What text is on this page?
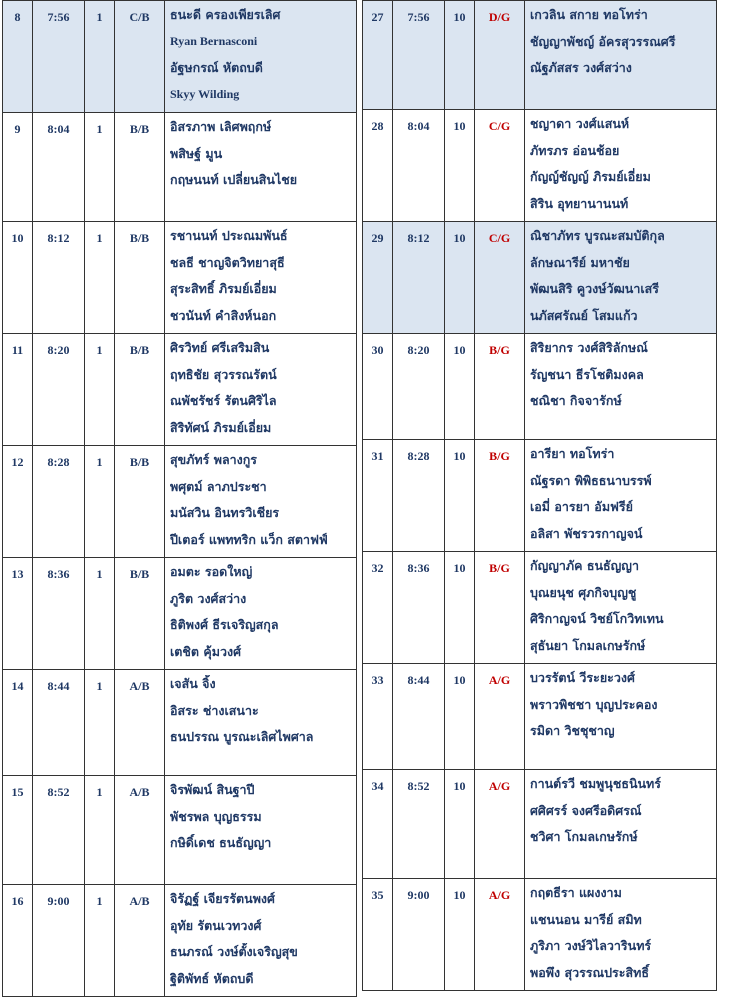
8	7:56	1	C/B	ธนะดี ครองเพียรเลิศ
Ryan Bernasconi
อัฐษกรณ์ หัตถบดี
Skyy Wilding

9	8:04	1	B/B	อิสรภาพ เลิศพฤกษ์
พสิษฐ์ มูน
กฤษนนท์ เปลี่ยนสินไชย

10	8:12	1	B/B	รชานนท์ ประณมพันธ์
ชลธี ชาญจิตวิทยาสุธี
สุระสิทธิ์ ภิรมย์เอี่ยม
ชวนันท์ คำสิงห์นอก

11	8:20	1	B/B	ศิรวิทย์ ศรีเสริมสิน
ฤทธิชัย สุวรรณรัตน์
ณพัชรัชร์ รัตนศิริไล
สิริทัศน์ ภิรมย์เอี่ยม

12	8:28	1	B/B	สุขภัทร์ พลางกูร
พศุตม์ ลาภประชา
มนัสวิน อินทรวิเชียร
ปีเตอร์ แพททริก แว็ก สตาฟฟ์

13	8:36	1	B/B	อมตะ รอดใหญ่
ภูริต วงศ์สว่าง
ธิติพงศ์ ธีรเจริญสกุล
เตชิต คุ้มวงศ์

14	8:44	1	A/B	เจสัน จิ้ง
อิสระ ช่างเสนาะ
ธนปรรณ บูรณะเลิศไพศาล

15	8:52	1	A/B	จิรพัฒน์ สินฐาปี
พัชรพล บุญธรรม
กษิดิ์เดช ธนธัญญา

16	9:00	1	A/B	จิรัฏฐ์ เจียรรัตนพงศ์
อุทัย รัตนเวทวงศ์
ธนภรณ์ วงษ์ตั้งเจริญสุข
ฐิติพัทธ์ หัตถบดี
27	7:56	10	D/G	เกวลิน สกาย ทอโทร่า
ชัญญาพัชญ์ อัครสุวรรณศรี
ณัฐภัสสร วงศ์สว่าง

28	8:04	10	C/G	ชญาดา วงศ์แสนห์
ภัทรภร อ่อนช้อย
กัญญ์ชัญญ์ ภิรมย์เอี่ยม
สิริน อุทยานานนท์

29	8:12	10	C/G	ณิชาภัทร บูรณะสมบัติกุล
ลักษณารีย์ มหาชัย
พัฒนสิริ คูวงษ์วัฒนาเสรี
นภัสศรัณย์ โสมแก้ว

30	8:20	10	B/G	สิริยากร วงศ์สิริลักษณ์
รัญชนา ธีรโชติมงคล
ชณิชา กิจจารักษ์

31	8:28	10	B/G	อารียา ทอโทร่า
ณัฐรดา พิพิธธนาบรรพ์
เอมี่ อารยา อัมฟรีย์
อลิสา พัชรวรกาญจน์

32	8:36	10	B/G	กัญญาภัค ธนธัญญา
บุณยนุช ศุภกิจบุญชู
ศิริกาญจน์ วิชย์โกวิทเทน
สุธันยา โกมลเกษรักษ์

33	8:44	10	A/G	บวรรัตน์ วีระยะวงศ์
พราวพิชชา บุญประคอง
รมิดา วิชชุชาญ

34	8:52	10	A/G	กานต์รวี ชมพูนุชธนินทร์
ศศิศรร์ จงศรีอดิศรณ์
ชวิศา โกมลเกษรักษ์

35	9:00	10	A/G	กฤตธีรา แผงงาม
แชนนอน มารีย์ สมิท
ภูริภา วงษ์วิไลวารินทร์
พอพึง สุวรรณประสิทธิ์
